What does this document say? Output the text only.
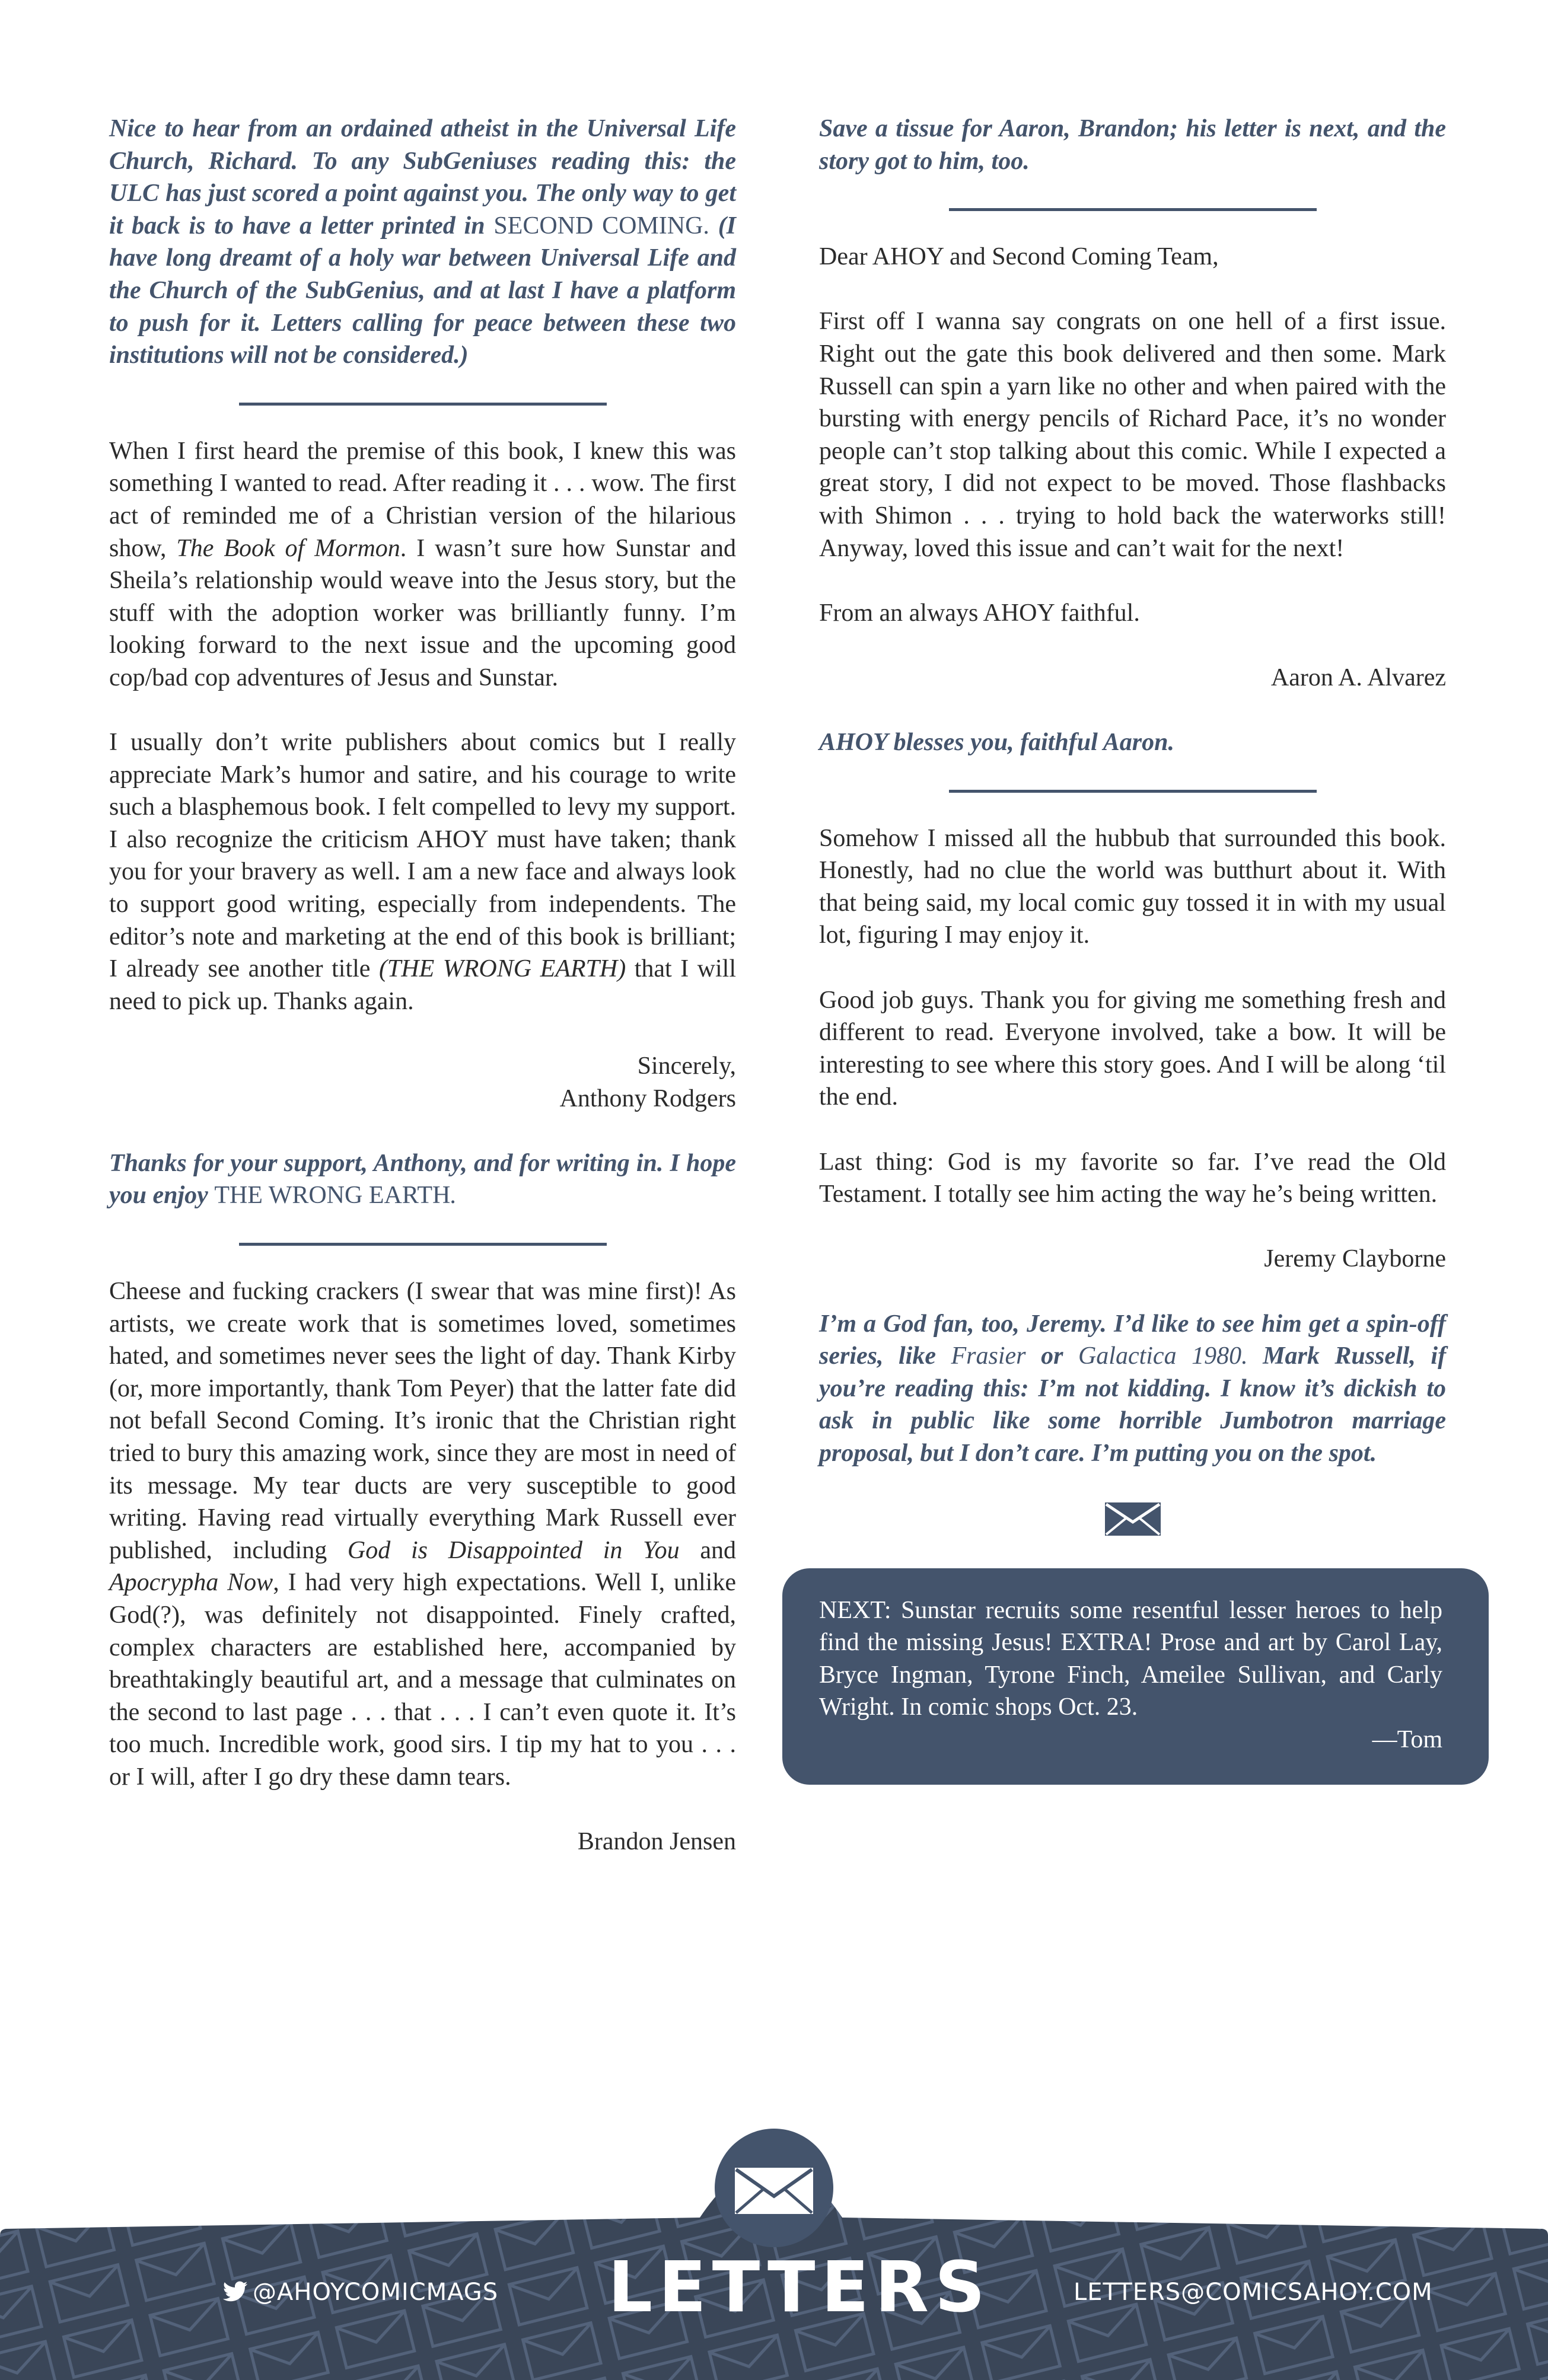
Nice to hear from an ordained atheist in the Universal Life Church, Richard. To any SubGeniuses reading this: the ULC has just scored a point against you. The only way to get it back is to have a letter printed in SECOND COMING. (I have long dreamt of a holy war between Universal Life and the Church of the SubGenius, and at last I have a platform to push for it. Letters calling for peace between these two institutions will not be considered.)

When I first heard the premise of this book, I knew this was something I wanted to read. After reading it . . . wow. The first act of reminded me of a Christian version of the hilarious show, The Book of Mormon. I wasn’t sure how Sunstar and Sheila’s relationship would weave into the Jesus story, but the stuff with the adoption worker was brilliantly funny. I’m looking forward to the next issue and the upcoming good cop/bad cop adventures of Jesus and Sunstar.

I usually don’t write publishers about comics but I really appreciate Mark’s humor and satire, and his courage to write such a blasphemous book. I felt compelled to levy my support. I also recognize the criticism AHOY must have taken; thank you for your bravery as well. I am a new face and always look to support good writing, especially from independents. The editor’s note and marketing at the end of this book is brilliant; I already see another title (THE WRONG EARTH) that I will need to pick up. Thanks again.

Sincerely,

Anthony Rodgers

Thanks for your support, Anthony, and for writing in. I hope you enjoy THE WRONG EARTH.

Cheese and fucking crackers (I swear that was mine first)! As artists, we create work that is sometimes loved, sometimes hated, and sometimes never sees the light of day. Thank Kirby (or, more importantly, thank Tom Peyer) that the latter fate did not befall Second Coming. It’s ironic that the Christian right tried to bury this amazing work, since they are most in need of its message. My tear ducts are very susceptible to good writing. Having read virtually everything Mark Russell ever published, including God is Disappointed in You and Apocrypha Now, I had very high expectations. Well I, unlike God(?), was definitely not disappointed. Finely crafted, complex characters are established here, accompanied by breathtakingly beautiful art, and a message that culminates on the second to last page . . . that . . . I can’t even quote it. It’s too much. Incredible work, good sirs. I tip my hat to you . . . or I will, after I go dry these damn tears.

Brandon Jensen

Save a tissue for Aaron, Brandon; his letter is next, and the story got to him, too.

Dear AHOY and Second Coming Team,

First off I wanna say congrats on one hell of a first issue. Right out the gate this book delivered and then some. Mark Russell can spin a yarn like no other and when paired with the bursting with energy pencils of Richard Pace, it’s no wonder people can’t stop talking about this comic. While I expected a great story, I did not expect to be moved. Those flashbacks with Shimon . . . trying to hold back the waterworks still! Anyway, loved this issue and can’t wait for the next!

From an always AHOY faithful.

Aaron A. Alvarez

AHOY blesses you, faithful Aaron.

Somehow I missed all the hubbub that surrounded this book. Honestly, had no clue the world was butthurt about it. With that being said, my local comic guy tossed it in with my usual lot, figuring I may enjoy it.

Good job guys. Thank you for giving me something fresh and different to read. Everyone involved, take a bow. It will be interesting to see where this story goes. And I will be along ‘til the end.

Last thing: God is my favorite so far. I’ve read the Old Testament. I totally see him acting the way he’s being written.

Jeremy Clayborne

I’m a God fan, too, Jeremy. I’d like to see him get a spin-off series, like Frasier or Galactica 1980. Mark Russell, if you’re reading this: I’m not kidding. I know it’s dickish to ask in public like some horrible Jumbotron marriage proposal, but I don’t care. I’m putting you on the spot.

NEXT: Sunstar recruits some resentful lesser heroes to help find the missing Jesus! EXTRA! Prose and art by Carol Lay, Bryce Ingman, Tyrone Finch, Ameilee Sullivan, and Carly Wright. In comic shops Oct. 23.

—Tom

@AHOYCOMICMAGS LETTERS	LETTERS@COMICSAHOY.COM
